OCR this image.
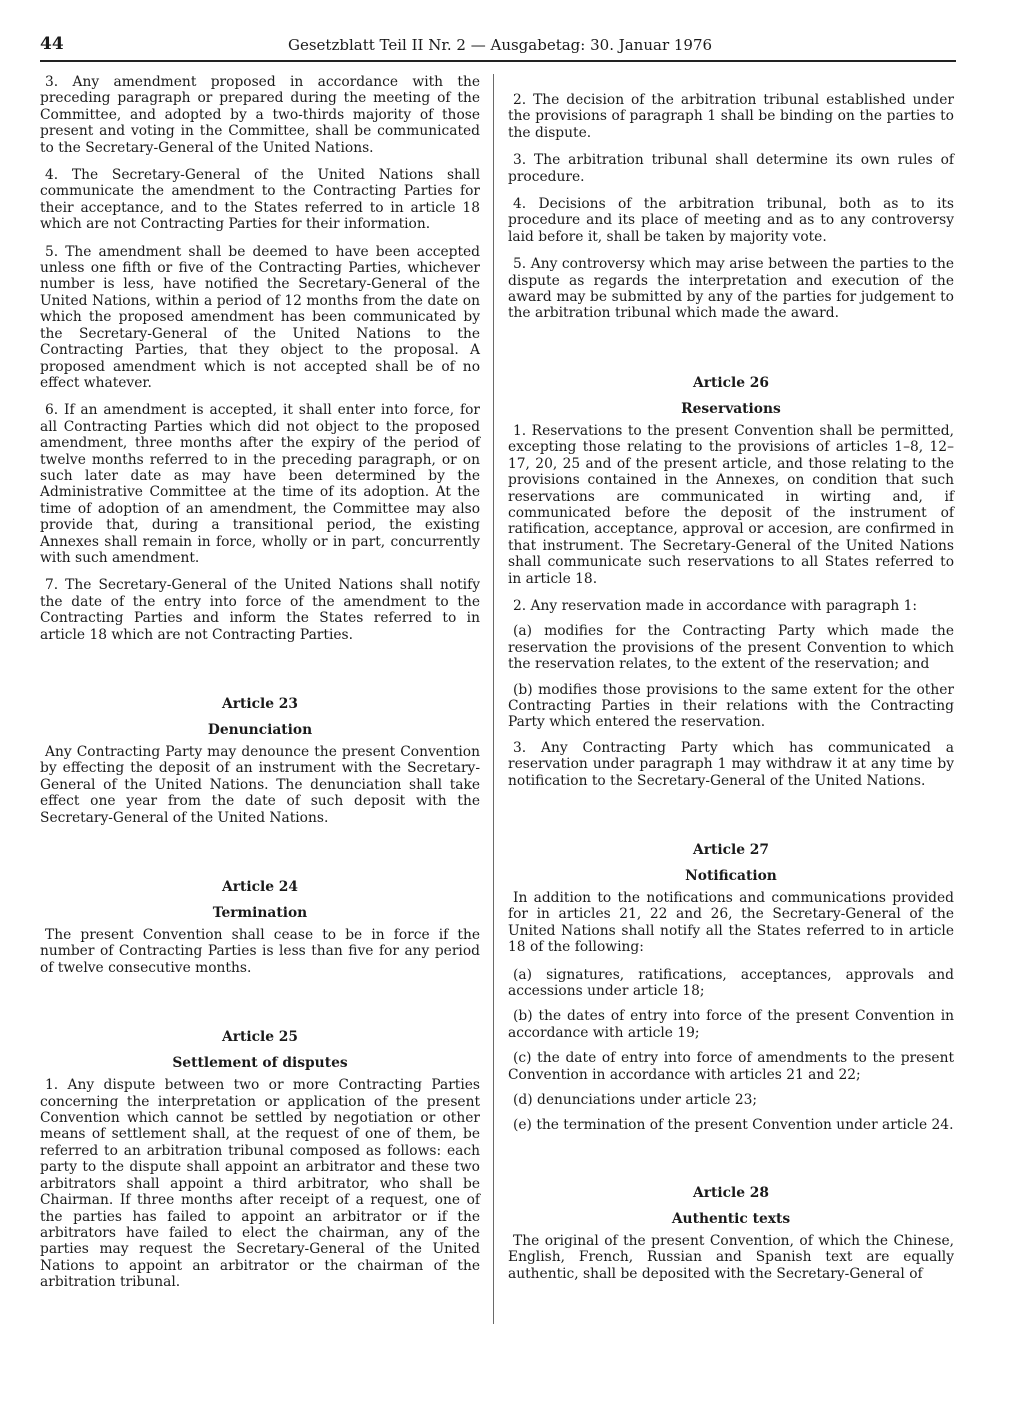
44	Gesetzblatt Teil II Nr. 2 — Ausgabetag: 30. Januar 1976

3. Any amendment proposed in accordance with the preceding paragraph or prepared during the meeting of the Committee, and adopted by a two-thirds majority of those present and voting in the Committee, shall be communicated to the Secretary-General of the United Nations.

4. The Secretary-General of the United Nations shall communicate the amendment to the Contracting Parties for their acceptance, and to the States referred to in article 18 which are not Contracting Parties for their information.

5. The amendment shall be deemed to have been accepted unless one fifth or five of the Contracting Parties, whichever number is less, have notified the Secretary-General of the United Nations, within a period of 12 months from the date on which the proposed amendment has been communicated by the Secretary-General of the United Nations to the Contracting Parties, that they object to the proposal. A proposed amendment which is not accepted shall be of no effect whatever.

6. If an amendment is accepted, it shall enter into force, for all Contracting Parties which did not object to the proposed amendment, three months after the expiry of the period of twelve months referred to in the preceding paragraph, or on such later date as may have been determined by the Administrative Committee at the time of its adoption. At the time of adoption of an amendment, the Committee may also provide that, during a transitional period, the existing Annexes shall remain in force, wholly or in part, concurrently with such amendment.

7. The Secretary-General of the United Nations shall notify the date of the entry into force of the amendment to the Contracting Parties and inform the States referred to in article 18 which are not Contracting Parties.

Article 23

Denunciation

Any Contracting Party may denounce the present Convention by effecting the deposit of an instrument with the Secretary-General of the United Nations. The denunciation shall take effect one year from the date of such deposit with the Secretary-General of the United Nations.

Article 24

Termination

The present Convention shall cease to be in force if the number of Contracting Parties is less than five for any period of twelve consecutive months.

Article 25

Settlement of disputes

1. Any dispute between two or more Contracting Parties concerning the interpretation or application of the present Convention which cannot be settled by negotiation or other means of settlement shall, at the request of one of them, be referred to an arbitration tribunal composed as follows: each party to the dispute shall appoint an arbitrator and these two arbitrators shall appoint a third arbitrator, who shall be Chairman. If three months after receipt of a request, one of the parties has failed to appoint an arbitrator or if the arbitrators have failed to elect the chairman, any of the parties may request the Secretary-General of the United Nations to appoint an arbitrator or the chairman of the arbitration tribunal.

2. The decision of the arbitration tribunal established under the provisions of paragraph 1 shall be binding on the parties to the dispute.

3. The arbitration tribunal shall determine its own rules of procedure.

4. Decisions of the arbitration tribunal, both as to its procedure and its place of meeting and as to any controversy laid before it, shall be taken by majority vote.

5. Any controversy which may arise between the parties to the dispute as regards the interpretation and execution of the award may be submitted by any of the parties for judgement to the arbitration tribunal which made the award.

Article 26

Reservations

1. Reservations to the present Convention shall be permitted, excepting those relating to the provisions of articles 1–8, 12–17, 20, 25 and of the present article, and those relating to the provisions contained in the Annexes, on condition that such reservations are communicated in wirting and, if communicated before the deposit of the instrument of ratification, acceptance, approval or accesion, are confirmed in that instrument. The Secretary-General of the United Nations shall communicate such reservations to all States referred to in article 18.

2. Any reservation made in accordance with paragraph 1:

(a) modifies for the Contracting Party which made the reservation the provisions of the present Convention to which the reservation relates, to the extent of the reservation; and

(b) modifies those provisions to the same extent for the other Contracting Parties in their relations with the Contracting Party which entered the reservation.

3. Any Contracting Party which has communicated a reservation under paragraph 1 may withdraw it at any time by notification to the Secretary-General of the United Nations.

Article 27

Notification

In addition to the notifications and communications provided for in articles 21, 22 and 26, the Secretary-General of the United Nations shall notify all the States referred to in article 18 of the following:

(a) signatures, ratifications, acceptances, approvals and accessions under article 18;

(b) the dates of entry into force of the present Convention in accordance with article 19;

(c) the date of entry into force of amendments to the present Convention in accordance with articles 21 and 22;

(d) denunciations under article 23;

(e) the termination of the present Convention under article 24.

Article 28

Authentic texts

The original of the present Convention, of which the Chinese, English, French, Russian and Spanish text are equally authentic, shall be deposited with the Secretary-General of
